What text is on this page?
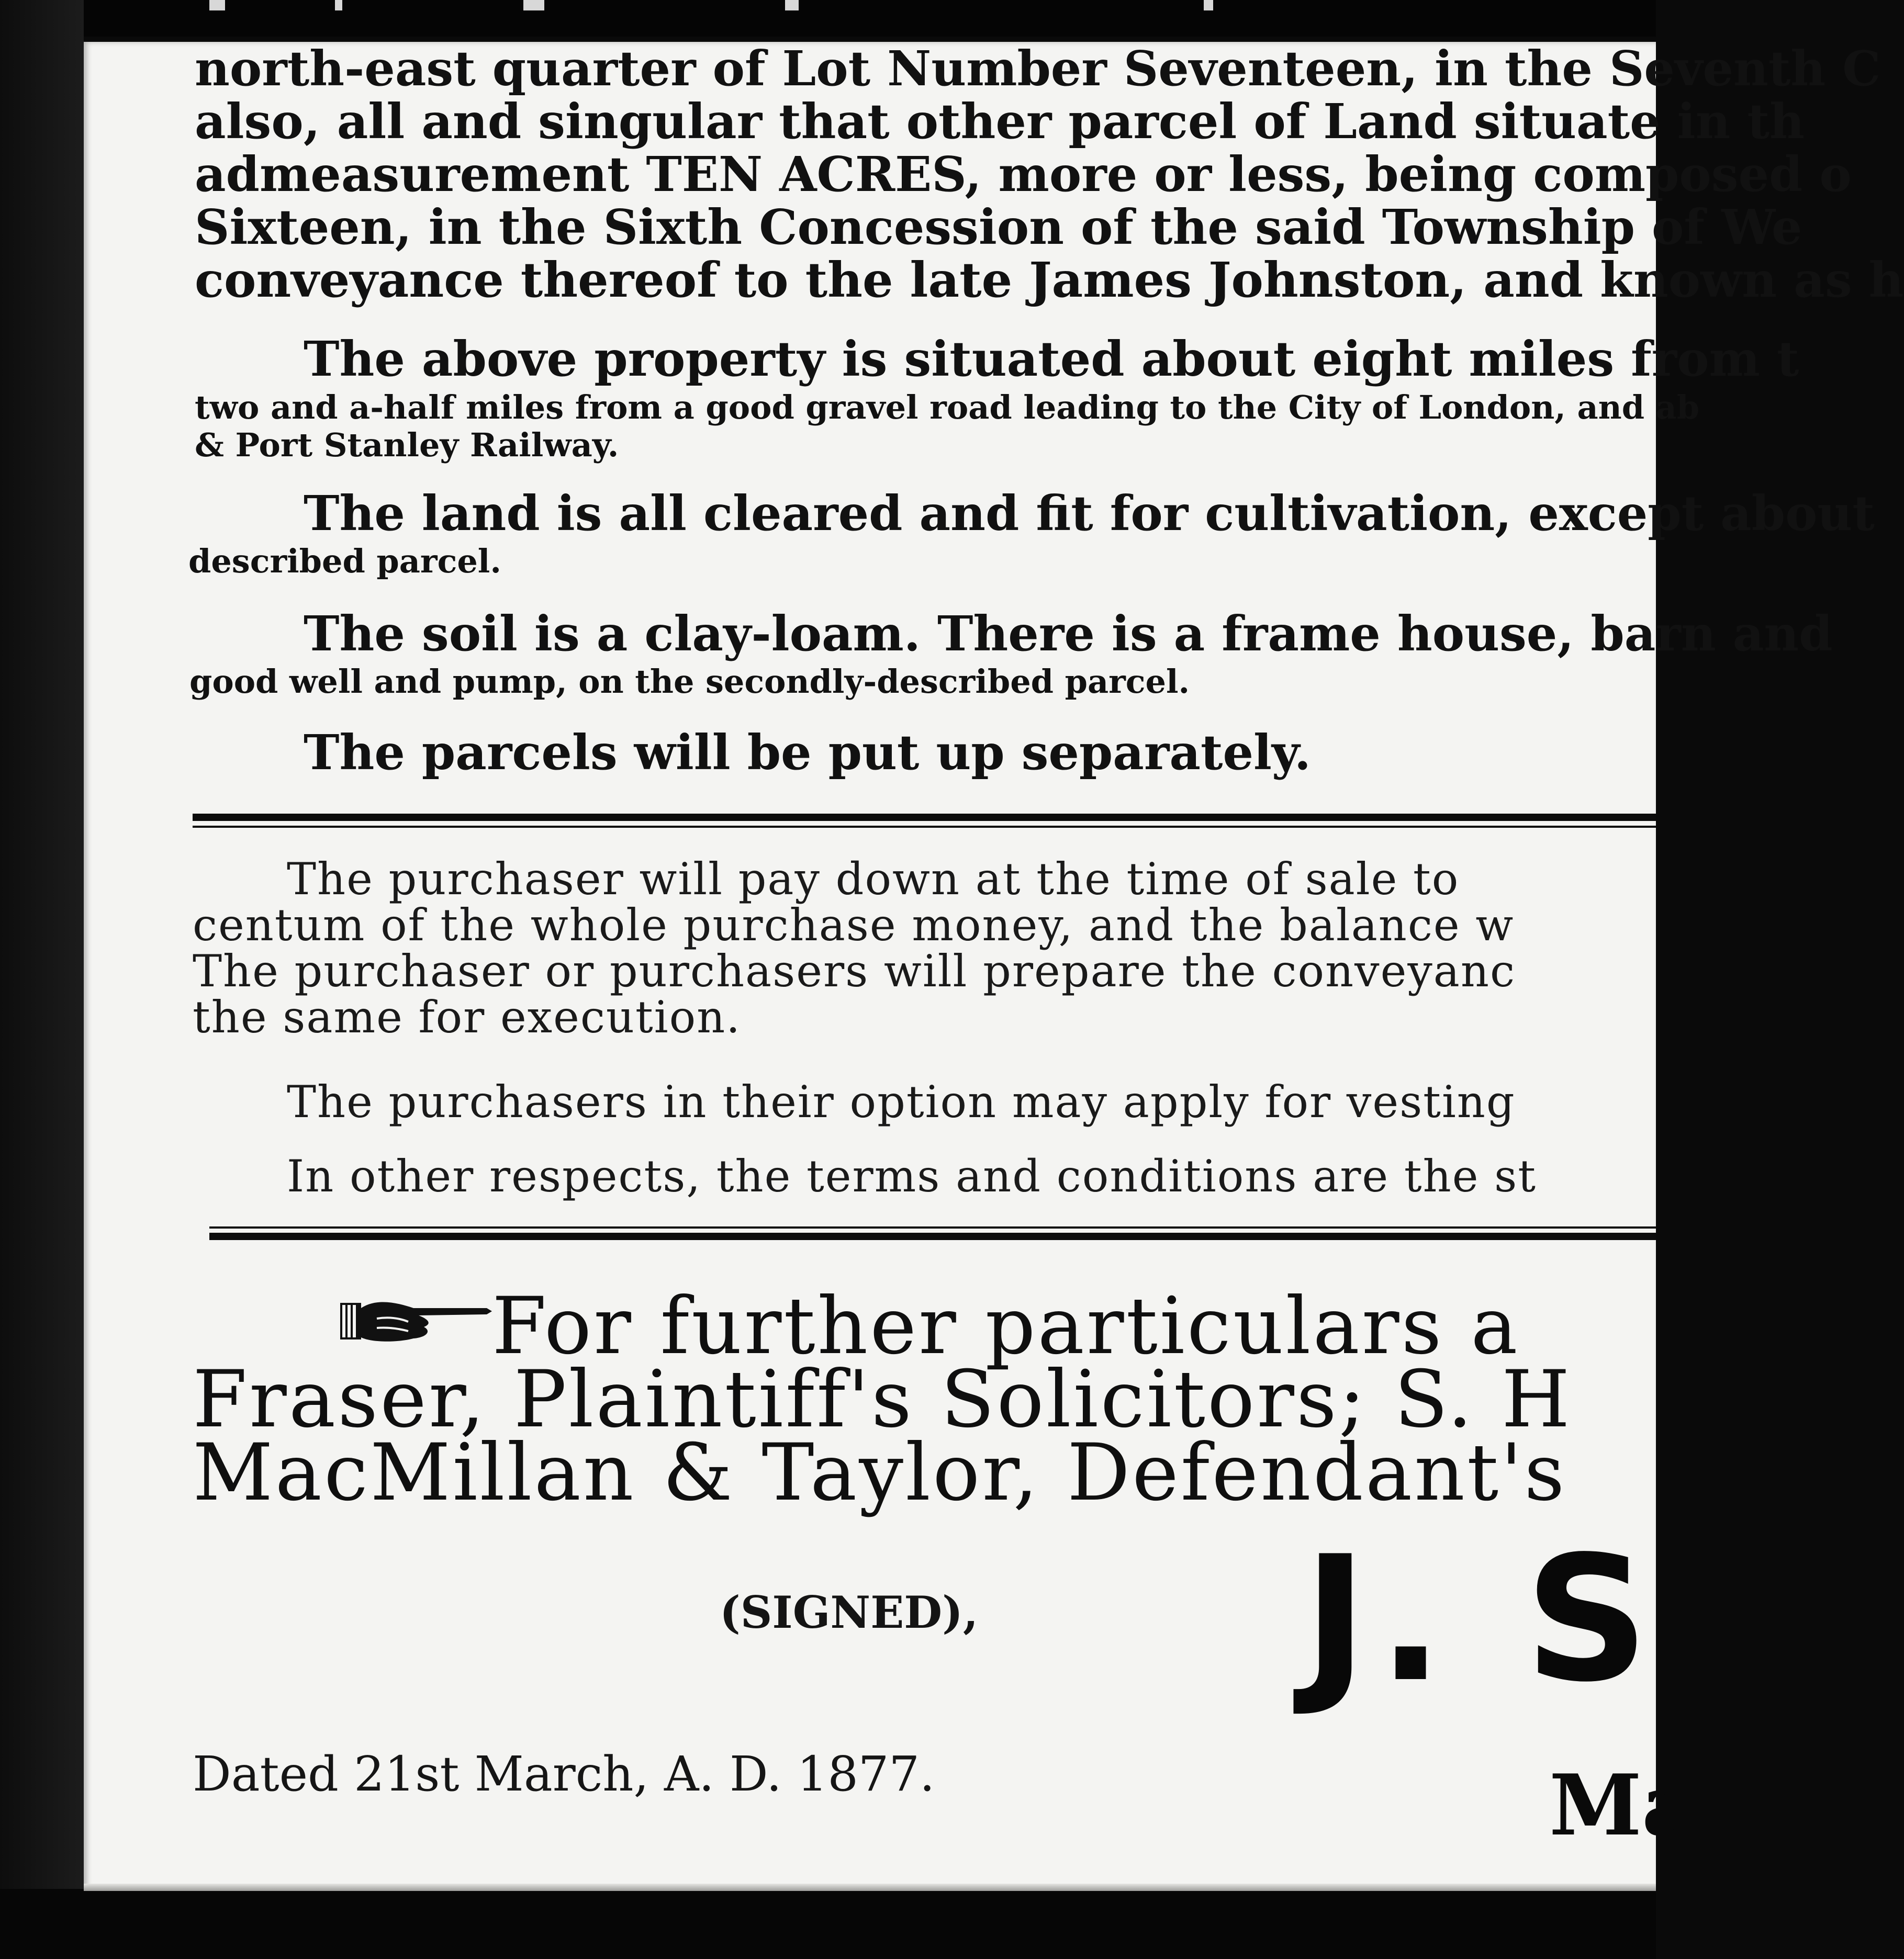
north-east quarter of Lot Number Seventeen, in the Seventh C
also, all and singular that other parcel of Land situate in th
admeasurement TEN ACRES, more or less, being composed o
Sixteen, in the Sixth Concession of the said Township of We
conveyance thereof to the late James Johnston, and known as h
The above property is situated about eight miles from t
two and a-half miles from a good gravel road leading to the City of London, and ab
& Port Stanley Railway.
The land is all cleared and fit for cultivation, except about
described parcel.
The soil is a clay-loam. There is a frame house, barn and
good well and pump, on the secondly-described parcel.
The parcels will be put up separately.
The purchaser will pay down at the time of sale to
centum of the whole purchase money, and the balance w
The purchaser or purchasers will prepare the conveyanc
the same for execution.
The purchasers in their option may apply for vesting
In other respects, the terms and conditions are the st
For further particulars a
Fraser, Plaintiff's Solicitors; S. H
MacMillan & Taylor, Defendant's
(SIGNED), J. S
Ma
Dated 21st March, A. D. 1877.
